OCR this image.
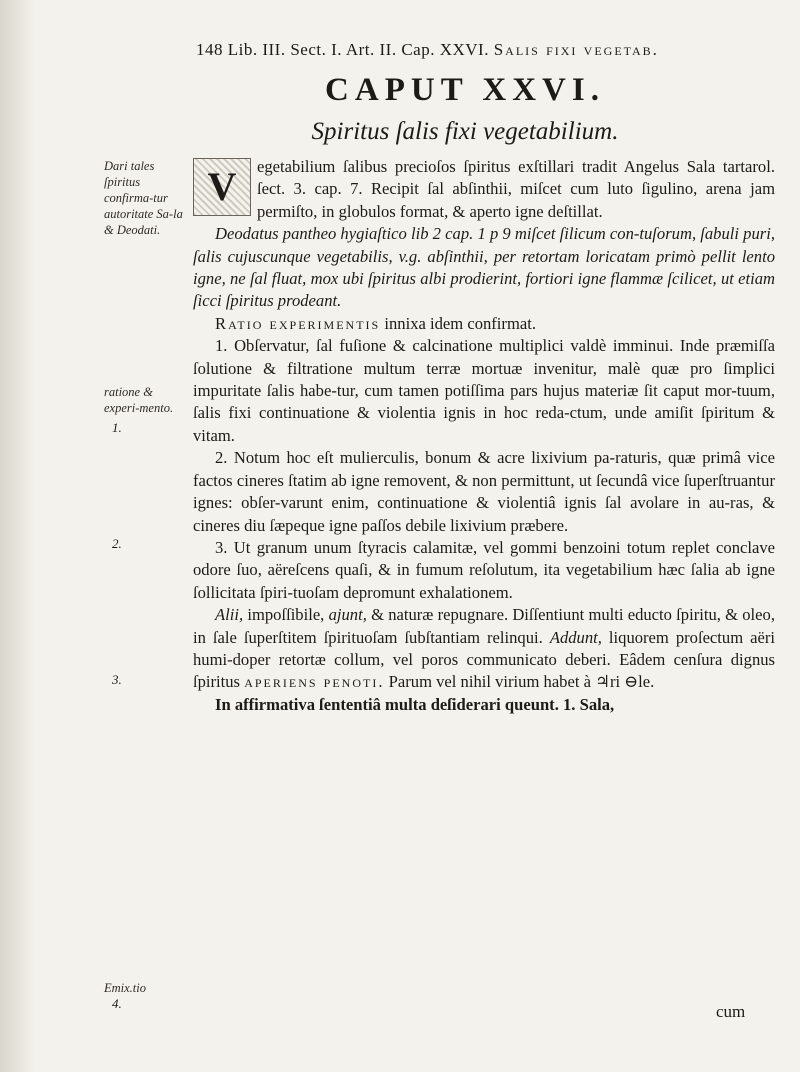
148 Lib. III. Sect. I. Art. II. Cap. XXVI. Salis fixi vegetab.
CAPUT XXVI.
Spiritus ſalis fixi vegetabilium.
Dari tales ſpiritus confirma-tur autoritate Sa-la & Deodati.
ratione & experi-mento.
1.
2.
3.
Emix.tio
4.

V	egetabilium ſalibus precioſos ſpiritus exſtillari tradit Angelus Sala tartarol. ſect. 3. cap. 7. Recipit ſal abſinthii, miſcet cum luto ſigulino, arena jam permiſto, in globulos format, & aperto igne deſtillat.

Deodatus pantheo hygiaſtico lib 2 cap. 1 p 9 miſcet ſilicum con-tuſorum, ſabuli puri, ſalis cujuscunque vegetabilis, v.g. abſinthii, per retortam loricatam primò pellit lento igne, ne ſal fluat, mox ubi ſpiritus albi prodierint, fortiori igne flammæ ſcilicet, ut etiam ſicci ſpiritus prodeant.

Ratio experimentis innixa idem confirmat.

1. Obſervatur, ſal fuſione & calcinatione multiplici valdè imminui. Inde præmiſſa ſolutione & filtratione multum terræ mortuæ invenitur, malè quæ pro ſimplici impuritate ſalis habe-tur, cum tamen potiſſima pars hujus materiæ ſit caput mor-tuum, ſalis fixi continuatione & violentia ignis in hoc reda-ctum, unde amiſit ſpiritum & vitam.

2. Notum hoc eſt mulierculis, bonum & acre lixivium pa-raturis, quæ primâ vice factos cineres ſtatim ab igne removent, & non permittunt, ut ſecundâ vice ſuperſtruantur ignes: obſer-varunt enim, continuatione & violentiâ ignis ſal avolare in au-ras, & cineres diu ſæpeque igne paſſos debile lixivium præbere.

3. Ut granum unum ſtyracis calamitæ, vel gommi benzoini totum replet conclave odore ſuo, aëreſcens quaſi, & in fumum reſolutum, ita vegetabilium hæc ſalia ab igne ſollicitata ſpiri-tuoſam depromunt exhalationem.

Alii, impoſſibile, ajunt, & naturæ repugnare. Diſſentiunt multi educto ſpiritu, & oleo, in ſale ſuperſtitem ſpirituoſam ſubſtantiam relinqui. Addunt, liquorem proſectum aëri humi-doper retortæ collum, vel poros communicato deberi. Eâdem cenſura dignus ſpiritus aperiens penoti. Parum vel nihil virium habet à ♃ri ⊖le.

In affirmativa ſententiâ multa deſiderari queunt. 1. Sala,

cum
